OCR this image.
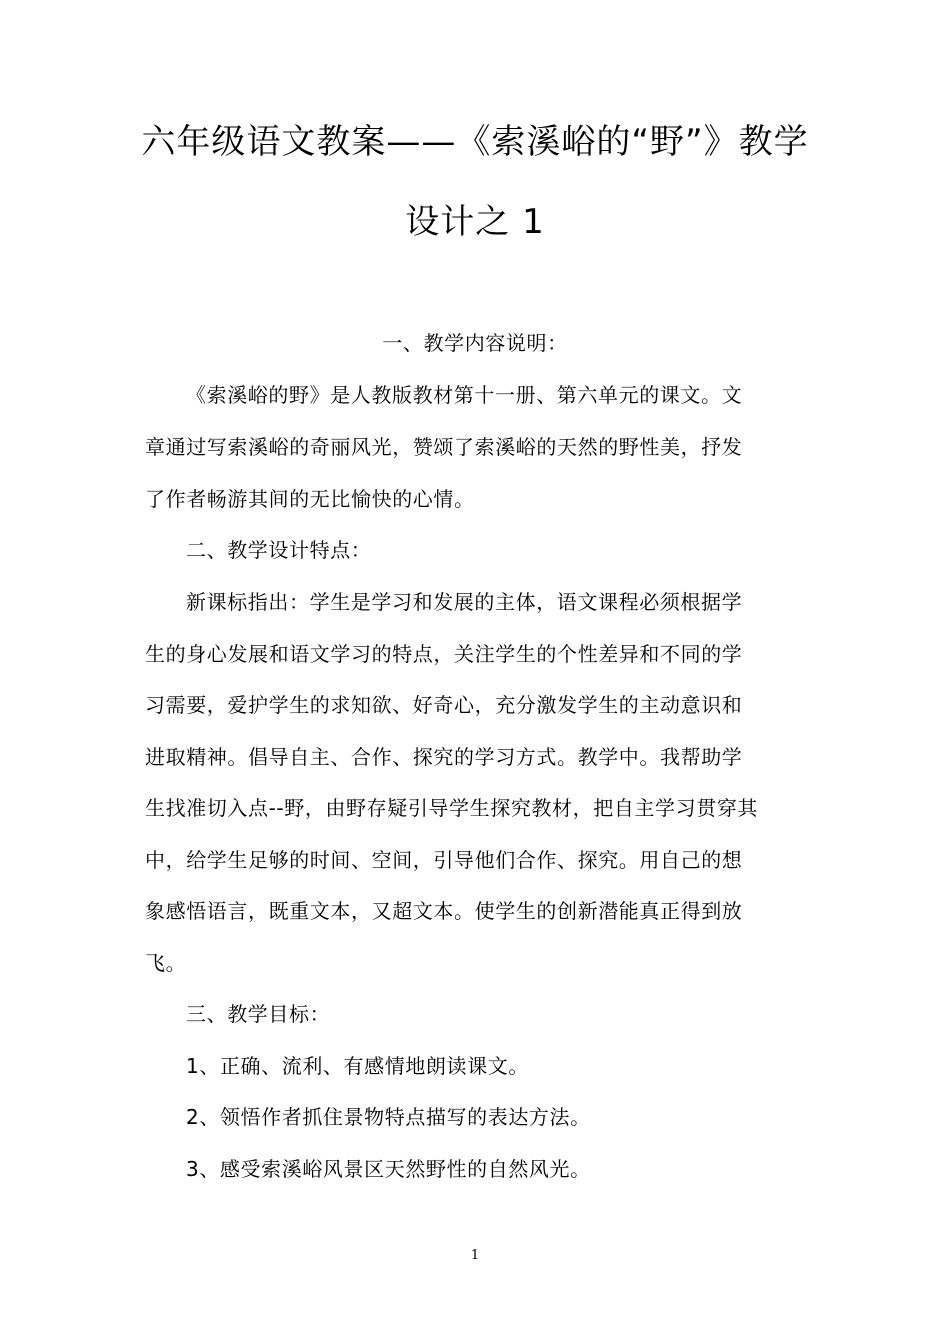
六年级语文教案——《索溪峪的“野”》教学
设计之 1
一、教学内容说明：
《索溪峪的野》是人教版教材第十一册、第六单元的课文。文
章通过写索溪峪的奇丽风光，赞颂了索溪峪的天然的野性美，抒发
了作者畅游其间的无比愉快的心情。
二、教学设计特点：
新课标指出：学生是学习和发展的主体，语文课程必须根据学
生的身心发展和语文学习的特点，关注学生的个性差异和不同的学
习需要，爱护学生的求知欲、好奇心，充分激发学生的主动意识和
进取精神。倡导自主、合作、探究的学习方式。教学中。我帮助学
生找准切入点--野，由野存疑引导学生探究教材，把自主学习贯穿其
中，给学生足够的时间、空间，引导他们合作、探究。用自己的想
象感悟语言，既重文本，又超文本。使学生的创新潜能真正得到放
飞。
三、教学目标：
1、正确、流利、有感情地朗读课文。
2、领悟作者抓住景物特点描写的表达方法。
3、感受索溪峪风景区天然野性的自然风光。
1
